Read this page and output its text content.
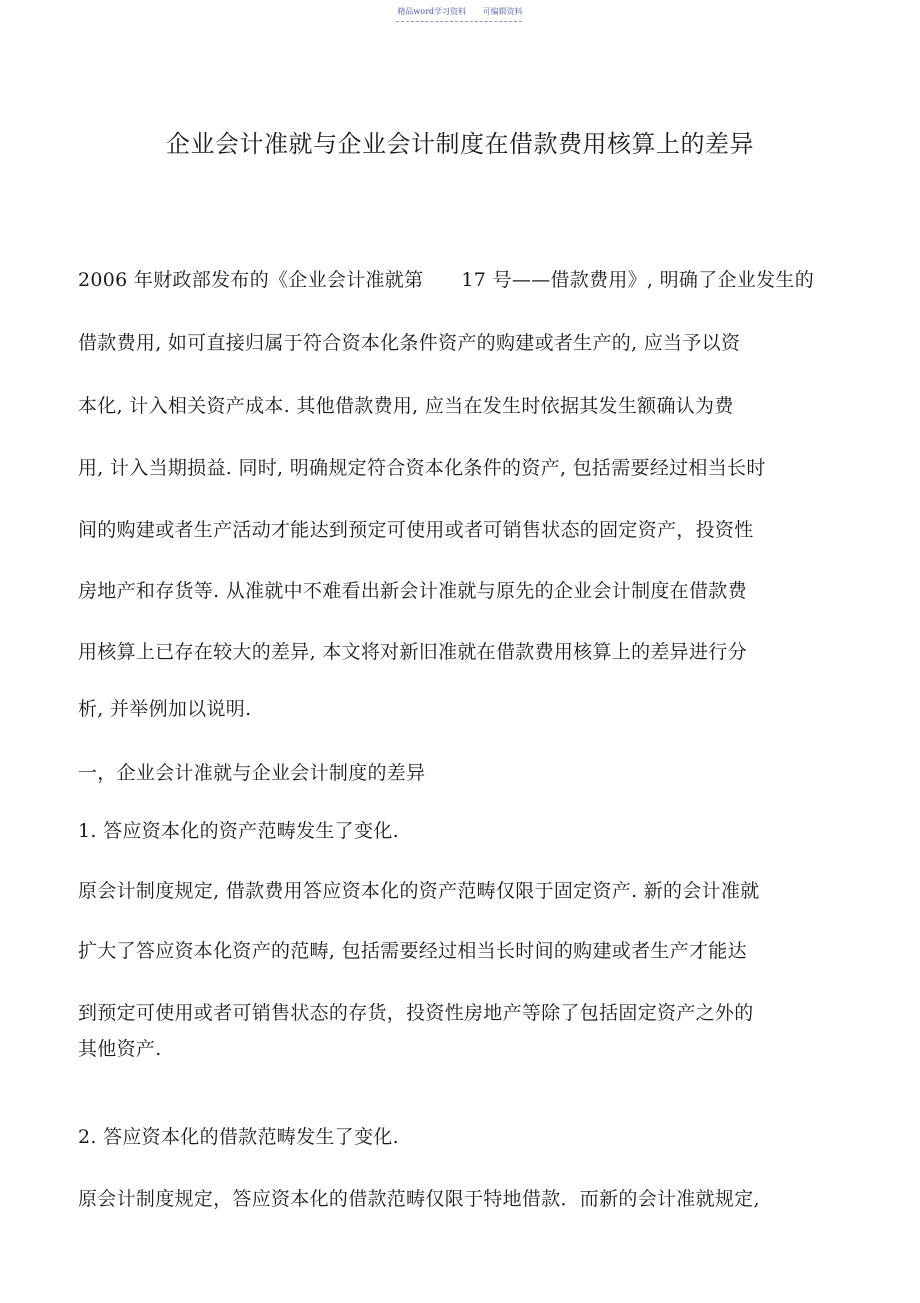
精品word学习资料 可编辑资料
企业会计准就与企业会计制度在借款费用核算上的差异
2006 年财政部发布的《企业会计准就第 17 号——借款费用》, 明确了企业发生的
借款费用, 如可直接归属于符合资本化条件资产的购建或者生产的, 应当予以资
本化, 计入相关资产成本. 其他借款费用, 应当在发生时依据其发生额确认为费
用, 计入当期损益. 同时, 明确规定符合资本化条件的资产, 包括需要经过相当长时
间的购建或者生产活动才能达到预定可使用或者可销售状态的固定资产，投资性
房地产和存货等. 从准就中不难看出新会计准就与原先的企业会计制度在借款费
用核算上已存在较大的差异, 本文将对新旧准就在借款费用核算上的差异进行分
析, 并举例加以说明.
一，企业会计准就与企业会计制度的差异
1. 答应资本化的资产范畴发生了变化.
原会计制度规定, 借款费用答应资本化的资产范畴仅限于固定资产. 新的会计准就
扩大了答应资本化资产的范畴, 包括需要经过相当长时间的购建或者生产才能达
到预定可使用或者可销售状态的存货，投资性房地产等除了包括固定资产之外的
其他资产.
2. 答应资本化的借款范畴发生了变化.
原会计制度规定，答应资本化的借款范畴仅限于特地借款．而新的会计准就规定,
